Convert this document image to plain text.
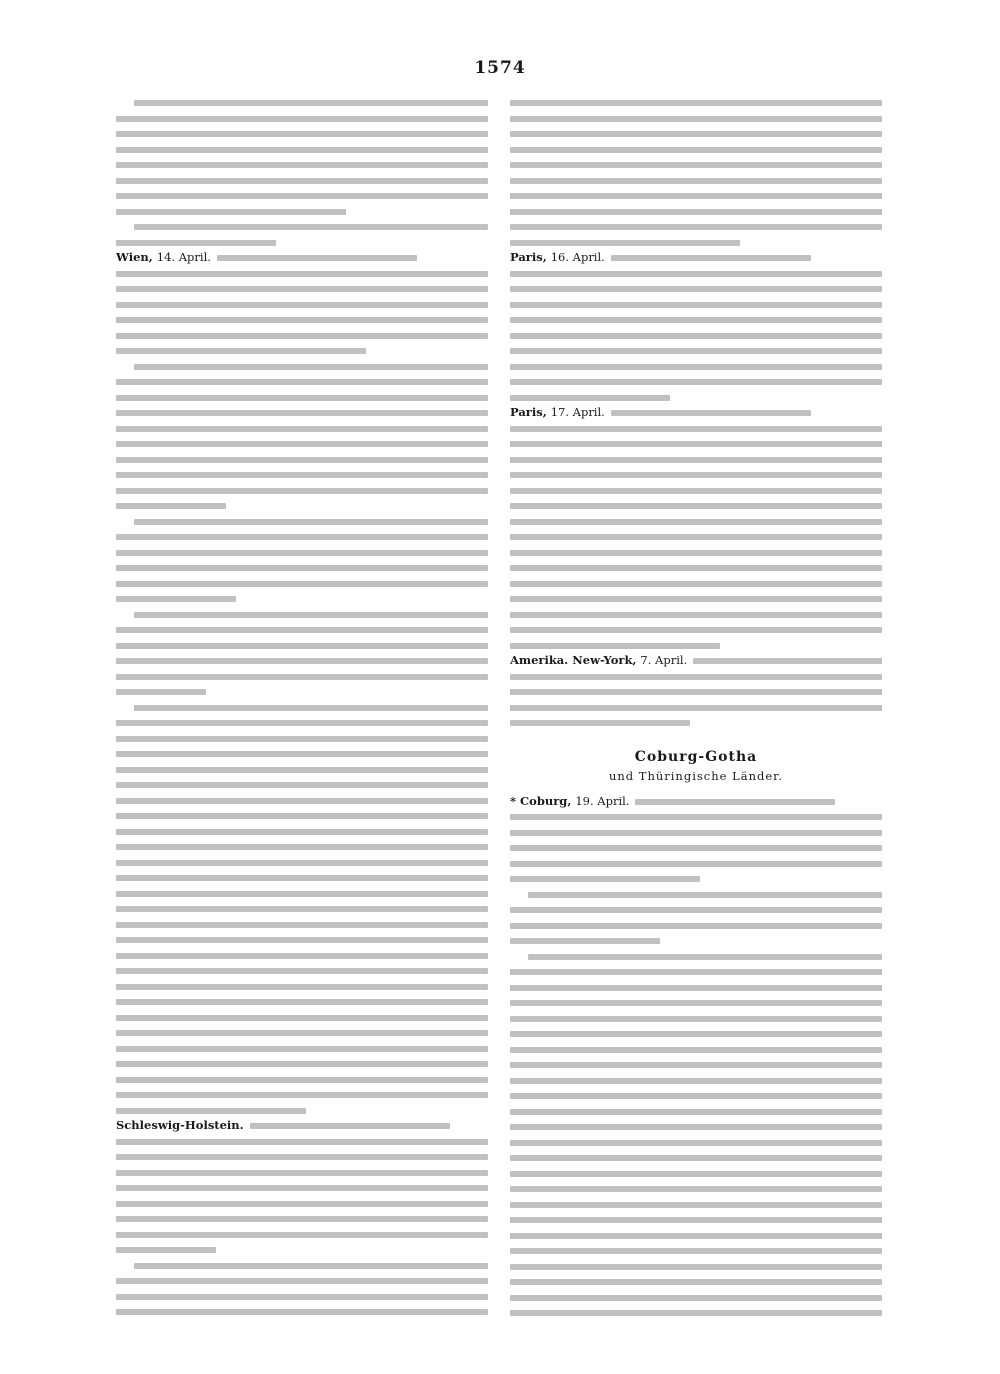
1574
Wien, 14. April.
Schleswig-Holstein.
Paris, 16. April.
Paris, 17. April.
Amerika. New-York, 7. April.
Coburg-Gotha
und Thüringische Länder.
* Coburg, 19. April.
